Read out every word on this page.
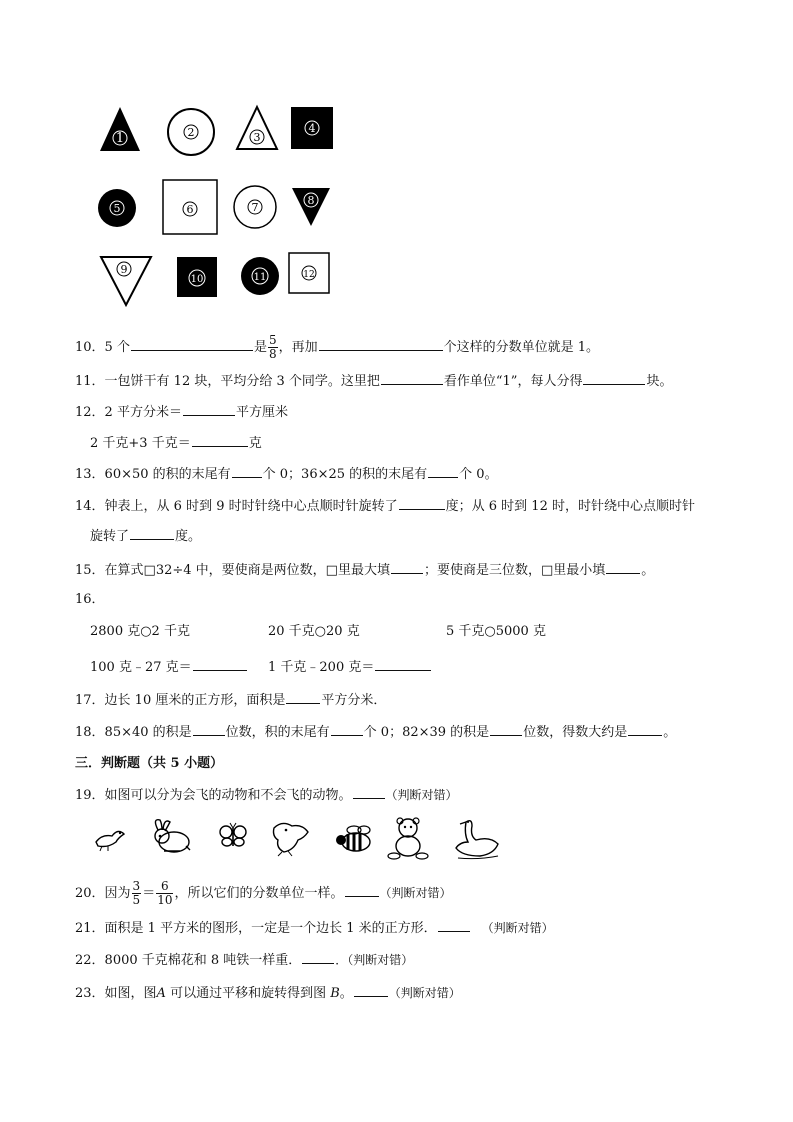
1	2	3
4
5	6	7
8
9
10	11	12
10．5 个	是 $\frac{5}{8}$ ，再加	个这样的分数单位就是 1。
11．一包饼干有 12 块，平均分给 3 个同学。这里把	看作单位“1”，每人分得	块。
12．2 平方分米＝	平方厘米
2 千克+3 千克＝	克
13．60×50 的积的末尾有 个 0；36×25 的积的末尾有 个 0。
14．钟表上，从 6 时到 9 时时针绕中心点顺时针旋转了	度；从 6 时到 12 时，时针绕中心点顺时针
旋转了	度。
15．在算式□32÷4 中，要使商是两位数，□里最大填	；要使商是三位数，□里最小填	。
16．
2800 克○2 千克	20 千克○20 克	5 千克○5000 克
100 克﹣27 克＝	1 千克﹣200 克＝
17．边长 10 厘米的正方形，面积是	平方分米．
18．85×40 的积是	位数，积的末尾有	个 0；82×39 的积是	位数，得数大约是	。
三．判断题（共 5 小题）
19．如图可以分为会飞的动物和不会飞的动物。	（判断对错）
20．因为 $\frac{3}{5} = \frac{6}{10}$ ，所以它们的分数单位一样。	（判断对错）
21．面积是 1 平方米的图形，一定是一个边长 1 米的正方形．	（判断对错）
22．8000 千克棉花和 8 吨铁一样重．	．（判断对错）
23．如图，图A 可以通过平移和旋转得到图 B。	（判断对错）
